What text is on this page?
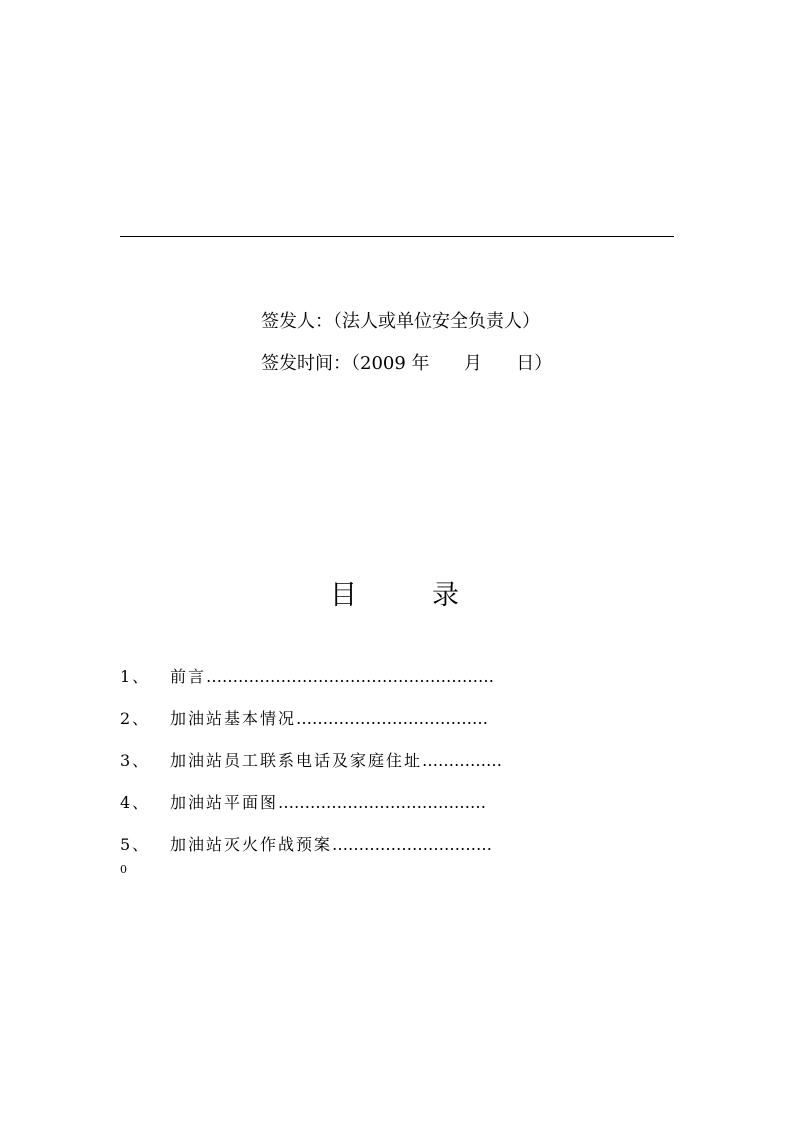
签发人：（法人或单位安全负责人）
签发时间：（2009 年      月      日）
目	录
1、 前言………………………………………………
2、 加油站基本情况………………………………
3、 加油站员工联系电话及家庭住址……………
4、 加油站平面图…………………………………
5、 加油站灭火作战预案…………………………
0
